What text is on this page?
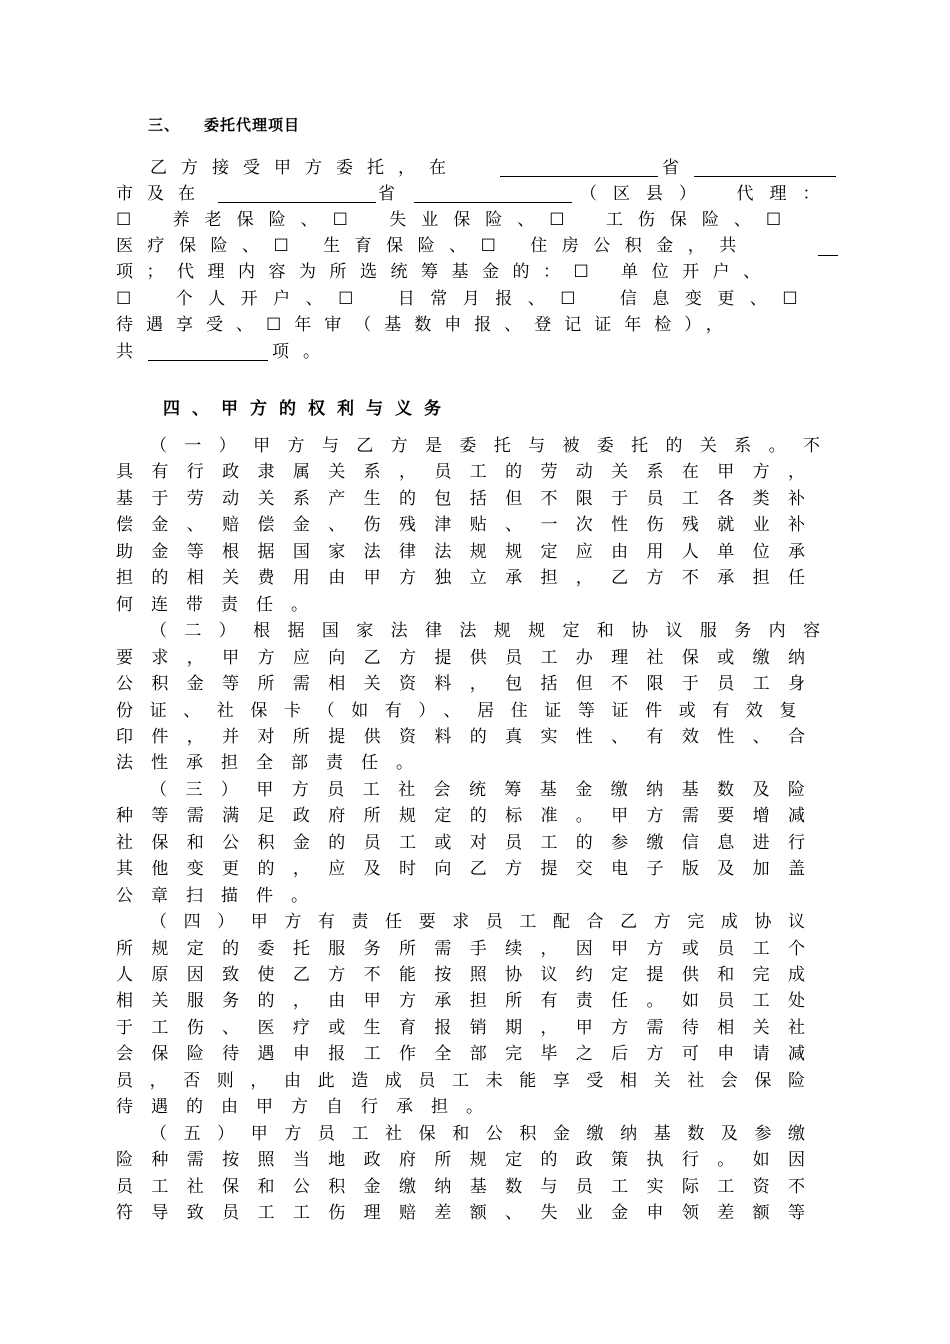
三、 委托代理项目
乙方接受甲方委托，在	省
市及在	省	（区县）　代理：
☐ 养老保险、☐ 失业保险、☐ 工伤保险、☐
医疗保险、☐ 生育保险、☐ 住房公积金，共
项；代理内容为所选统筹基金的：☐ 单位开户、
☐ 个人开户、☐ 日常月报、☐ 信息变更、☐
待遇享受、☐年审（基数申报、登记证年检），
共	项。
四、甲方的权利与义务
（一）甲方与乙方是委托与被委托的关系。不
具有行政隶属关系，员工的劳动关系在甲方，
基于劳动关系产生的包括但不限于员工各类补
偿金、赔偿金、伤残津贴、一次性伤残就业补
助金等根据国家法律法规规定应由用人单位承
担的相关费用由甲方独立承担，乙方不承担任
何连带责任。
（二）根据国家法律法规规定和协议服务内容
要求，甲方应向乙方提供员工办理社保或缴纳
公积金等所需相关资料，包括但不限于员工身
份证、社保卡（如有）、居住证等证件或有效复
印件，并对所提供资料的真实性、有效性、合
法性承担全部责任。
（三）甲方员工社会统筹基金缴纳基数及险
种等需满足政府所规定的标准。甲方需要增减
社保和公积金的员工或对员工的参缴信息进行
其他变更的，应及时向乙方提交电子版及加盖
公章扫描件。
（四）甲方有责任要求员工配合乙方完成协议
所规定的委托服务所需手续，因甲方或员工个
人原因致使乙方不能按照协议约定提供和完成
相关服务的，由甲方承担所有责任。如员工处
于工伤、医疗或生育报销期，甲方需待相关社
会保险待遇申报工作全部完毕之后方可申请减
员，否则，由此造成员工未能享受相关社会保险
待遇的由甲方自行承担。
（五）甲方员工社保和公积金缴纳基数及参缴
险种需按照当地政府所规定的政策执行。如因
员工社保和公积金缴纳基数与员工实际工资不
符导致员工工伤理赔差额、失业金申领差额等
